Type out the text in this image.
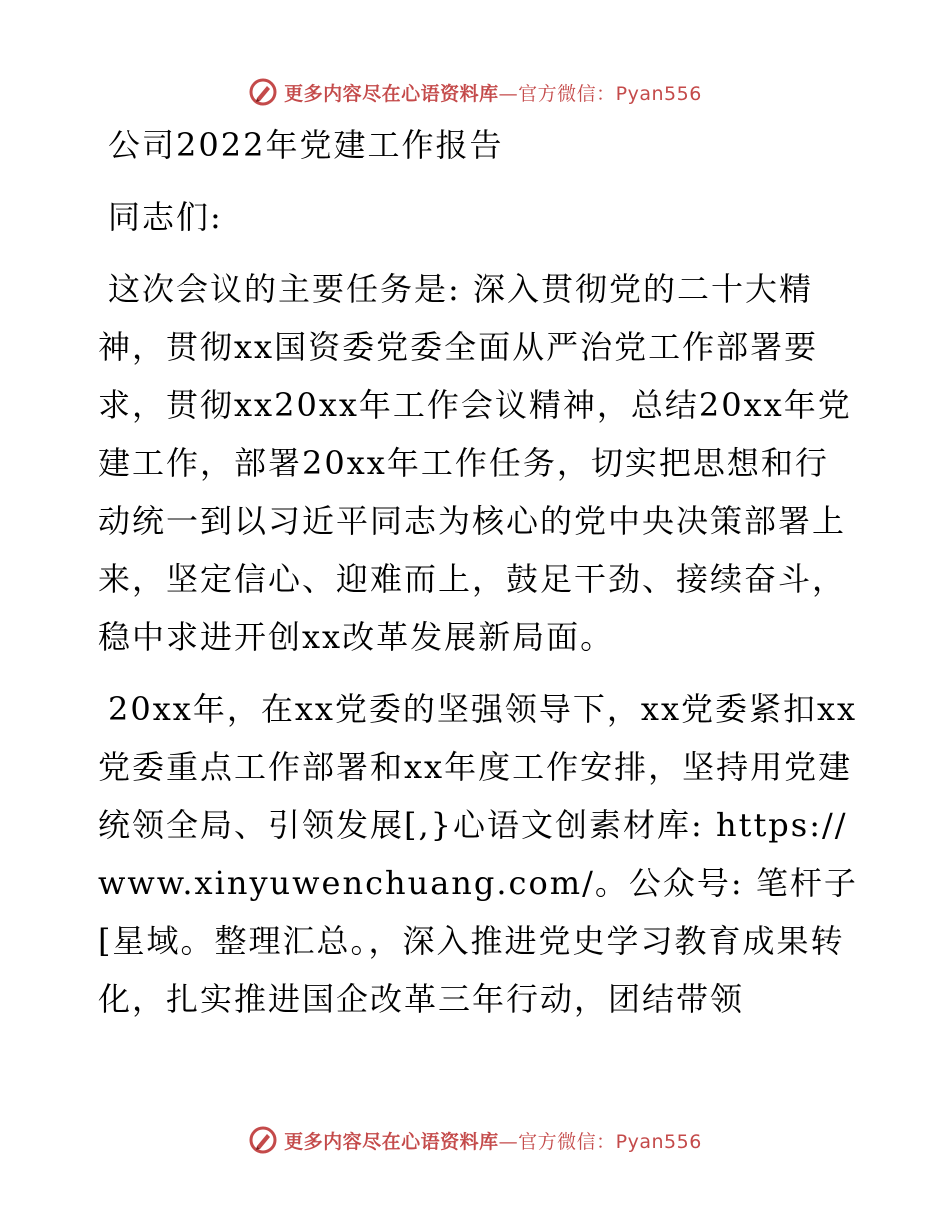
更多内容尽在心语资料库—官方微信：Pyan556

公司2022年党建工作报告

同志们:

这次会议的主要任务是: 深入贯彻党的二十大精神，贯彻xx国资委党委全面从严治党工作部署要求，贯彻xx20xx年工作会议精神，总结20xx年党建工作，部署20xx年工作任务，切实把思想和行动统一到以习近平同志为核心的党中央决策部署上来，坚定信心、迎难而上，鼓足干劲、接续奋斗，稳中求进开创xx改革发展新局面。

20xx年，在xx党委的坚强领导下，xx党委紧扣xx党委重点工作部署和xx年度工作安排，坚持用党建统领全局、引领发展[,}心语文创素材库: https://www.xinyuwenchuang.com/。公众号: 笔杆子[星域。整理汇总。，深入推进党史学习教育成果转化，扎实推进国企改革三年行动，团结带领

更多内容尽在心语资料库—官方微信：Pyan556
